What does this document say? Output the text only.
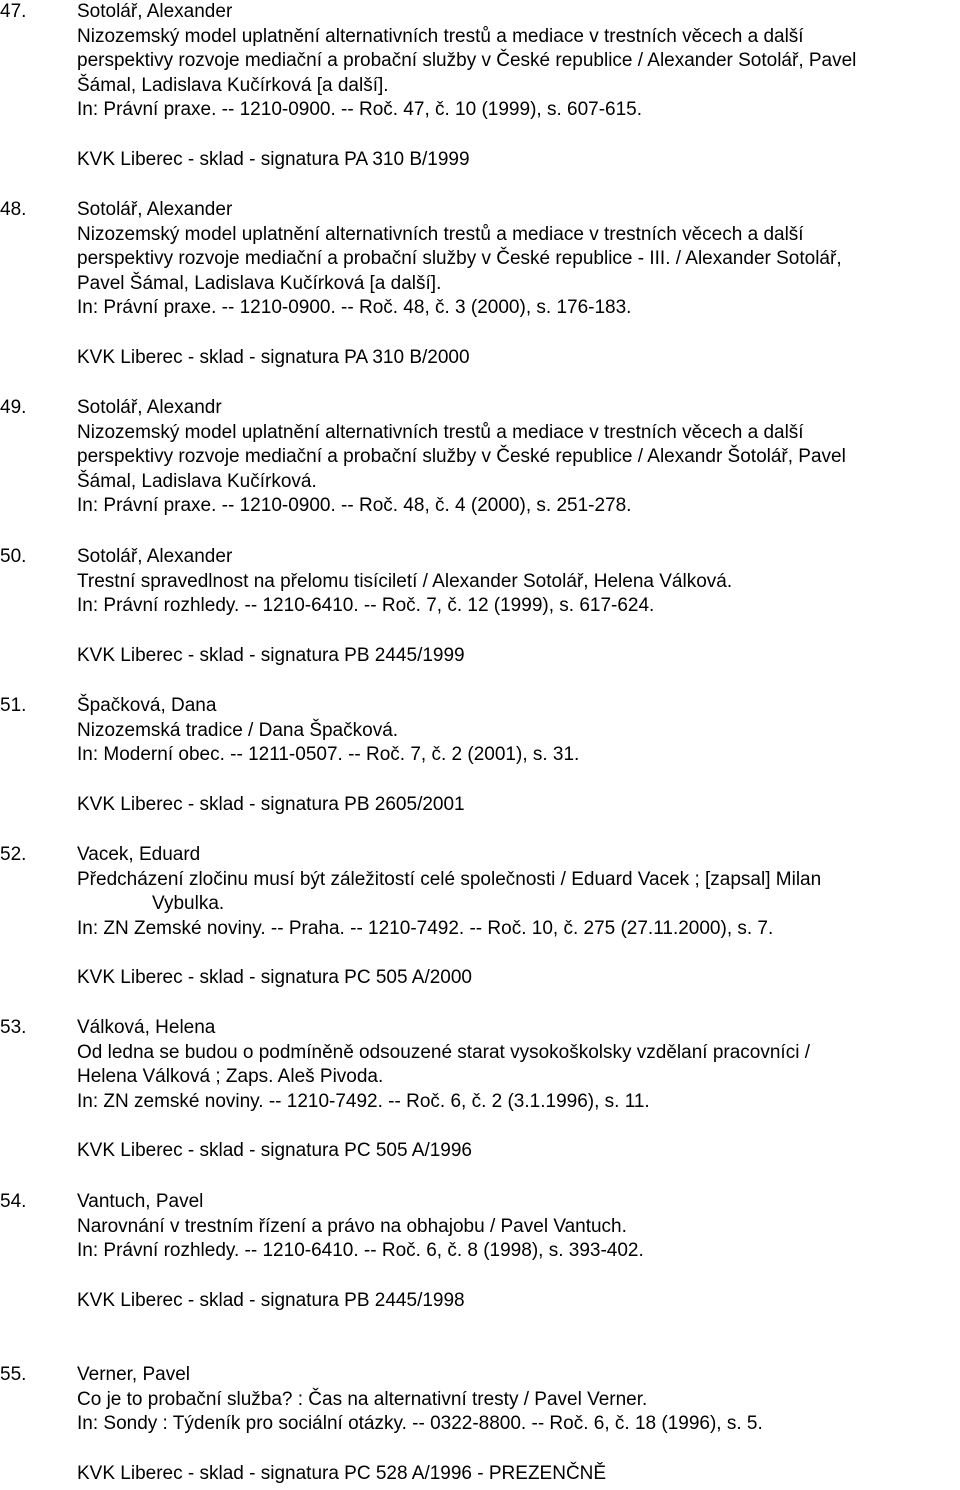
47.	Sotolář, Alexander
Nizozemský model uplatnění alternativních trestů a mediace v trestních věcech a další
perspektivy rozvoje mediační a probační služby v České republice / Alexander Sotolář, Pavel
Šámal, Ladislava Kučírková [a další].
In: Právní praxe. -- 1210-0900. -- Roč. 47, č. 10 (1999), s. 607-615.
KVK Liberec - sklad - signatura PA 310 B/1999
48.	Sotolář, Alexander
Nizozemský model uplatnění alternativních trestů a mediace v trestních věcech a další
perspektivy rozvoje mediační a probační služby v České republice - III. / Alexander Sotolář,
Pavel Šámal, Ladislava Kučírková [a další].
In: Právní praxe. -- 1210-0900. -- Roč. 48, č. 3 (2000), s. 176-183.
KVK Liberec - sklad - signatura PA 310 B/2000
49.	Sotolář, Alexandr
Nizozemský model uplatnění alternativních trestů a mediace v trestních věcech a další
perspektivy rozvoje mediační a probační služby v České republice / Alexandr Šotolář, Pavel
Šámal, Ladislava Kučírková.
In: Právní praxe. -- 1210-0900. -- Roč. 48, č. 4 (2000), s. 251-278.
50.	Sotolář, Alexander
Trestní spravedlnost na přelomu tisíciletí / Alexander Sotolář, Helena Válková.
In: Právní rozhledy. -- 1210-6410. -- Roč. 7, č. 12 (1999), s. 617-624.
KVK Liberec - sklad - signatura PB 2445/1999
51.	Špačková, Dana
Nizozemská tradice / Dana Špačková.
In: Moderní obec. -- 1211-0507. -- Roč. 7, č. 2 (2001), s. 31.
KVK Liberec - sklad - signatura PB 2605/2001
52.	Vacek, Eduard
Předcházení zločinu musí být záležitostí celé společnosti / Eduard Vacek ; [zapsal] Milan
Vybulka.
In: ZN Zemské noviny. -- Praha. -- 1210-7492. -- Roč. 10, č. 275 (27.11.2000), s. 7.
KVK Liberec - sklad - signatura PC 505 A/2000
53.	Válková, Helena
Od ledna se budou o podmíněně odsouzené starat vysokoškolsky vzdělaní pracovníci /
Helena Válková ; Zaps. Aleš Pivoda.
In: ZN zemské noviny. -- 1210-7492. -- Roč. 6, č. 2 (3.1.1996), s. 11.
KVK Liberec - sklad - signatura PC 505 A/1996
54.	Vantuch, Pavel
Narovnání v trestním řízení a právo na obhajobu / Pavel Vantuch.
In: Právní rozhledy. -- 1210-6410. -- Roč. 6, č. 8 (1998), s. 393-402.
KVK Liberec - sklad - signatura PB 2445/1998
55.	Verner, Pavel
Co je to probační služba? : Čas na alternativní tresty / Pavel Verner.
In: Sondy : Týdeník pro sociální otázky. -- 0322-8800. -- Roč. 6, č. 18 (1996), s. 5.
KVK Liberec - sklad - signatura PC 528 A/1996 - PREZENČNĚ
